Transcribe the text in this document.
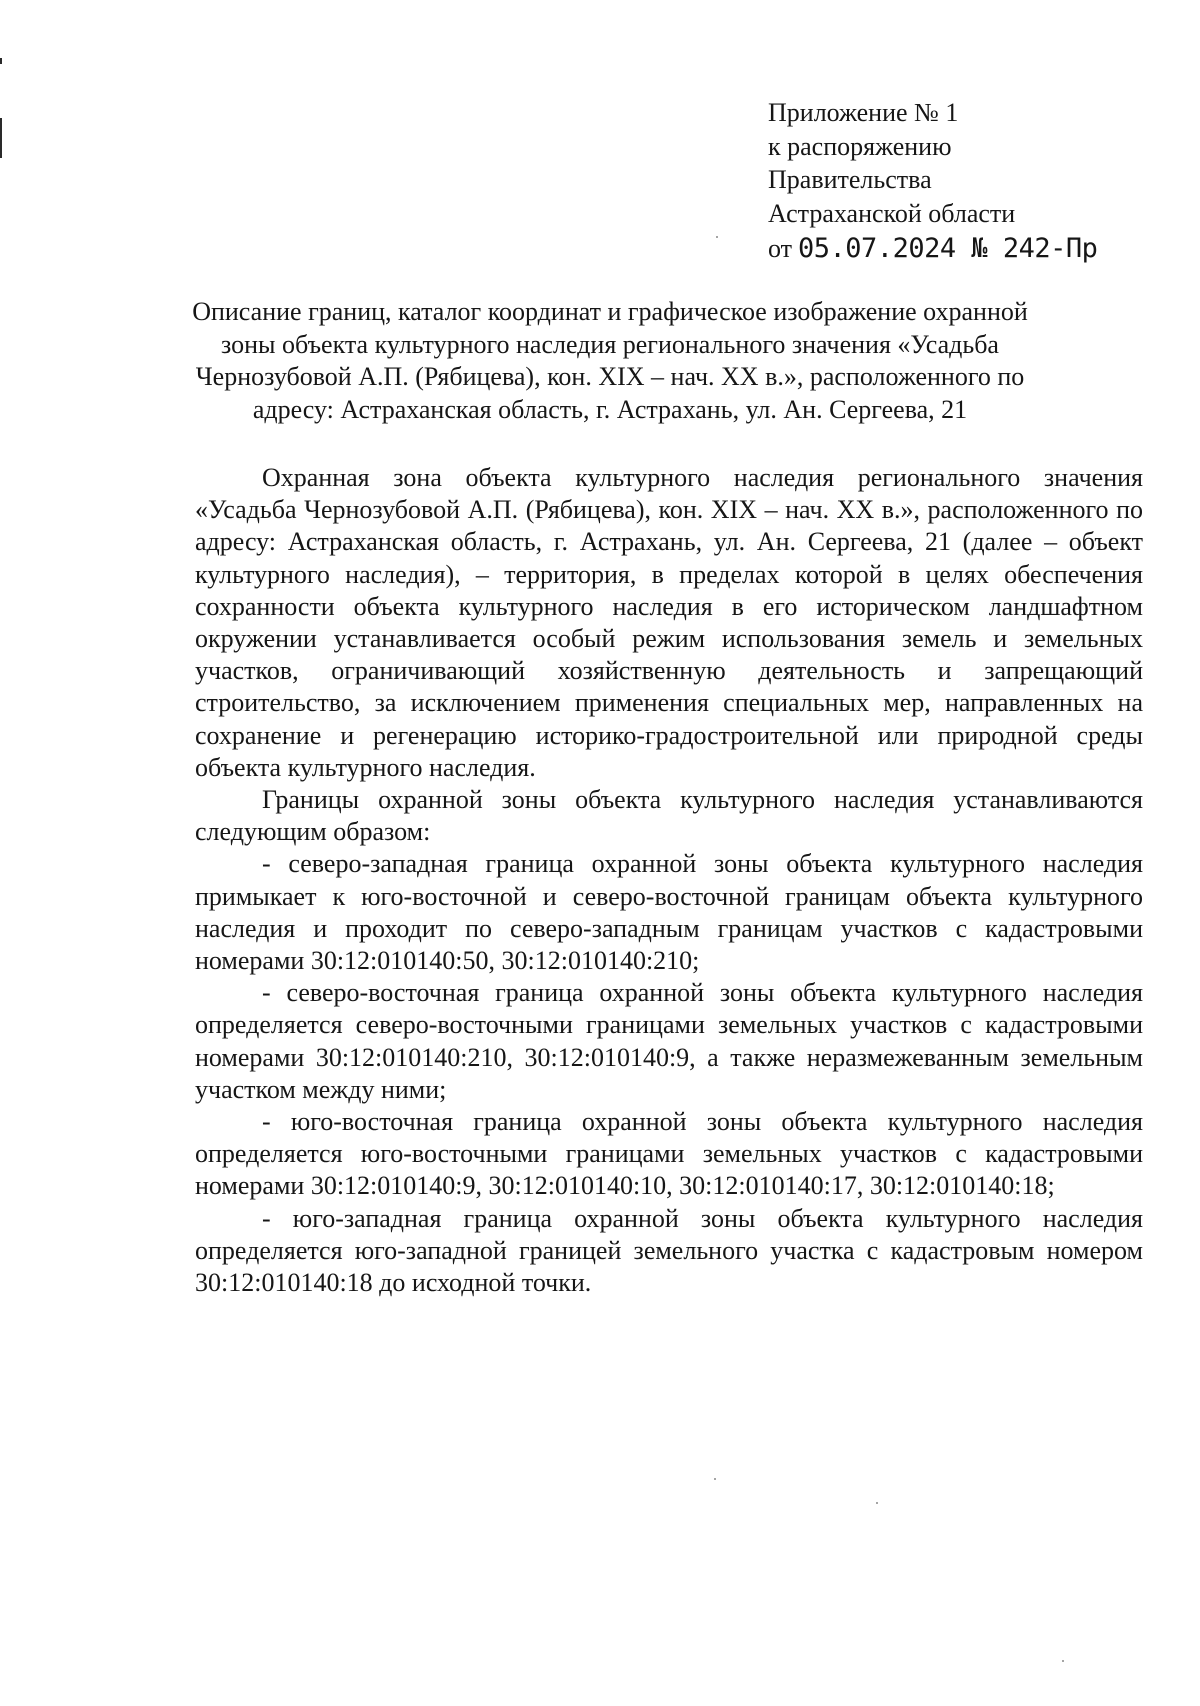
Приложение № 1
к распоряжению
Правительства
Астраханской области
от 05.07.2024 № 242-Пр
Описание границ, каталог координат и графическое изображение охранной зоны объекта культурного наследия регионального значения «Усадьба Чернозубовой А.П. (Рябицева), кон. XIX – нач. XX в.», расположенного по адресу: Астраханская область, г. Астрахань, ул. Ан. Сергеева, 21

Охранная зона объекта культурного наследия регионального значения «Усадьба Чернозубовой А.П. (Рябицева), кон. XIX – нач. XX в.», расположенного по адресу: Астраханская область, г. Астрахань, ул. Ан. Сергеева, 21 (далее – объект культурного наследия), – территория, в пределах которой в целях обеспечения сохранности объекта культурного наследия в его историческом ландшафтном окружении устанавливается особый режим использования земель и земельных участков, ограничивающий хозяйственную деятельность и запрещающий строительство, за исключением применения специальных мер, направленных на сохранение и регенерацию историко-градостроительной или природной среды объекта культурного наследия.

Границы охранной зоны объекта культурного наследия устанавливаются следующим образом:

- северо-западная граница охранной зоны объекта культурного наследия примыкает к юго-восточной и северо-восточной границам объекта культурного наследия и проходит по северо-западным границам участков с кадастровыми номерами 30:12:010140:50, 30:12:010140:210;

- северо-восточная граница охранной зоны объекта культурного наследия определяется северо-восточными границами земельных участков с кадастровыми номерами 30:12:010140:210, 30:12:010140:9, а также неразмежеванным земельным участком между ними;

- юго-восточная граница охранной зоны объекта культурного наследия определяется юго-восточными границами земельных участков с кадастровыми номерами 30:12:010140:9, 30:12:010140:10, 30:12:010140:17, 30:12:010140:18;

- юго-западная граница охранной зоны объекта культурного наследия определяется юго-западной границей земельного участка с кадастровым номером 30:12:010140:18 до исходной точки.
